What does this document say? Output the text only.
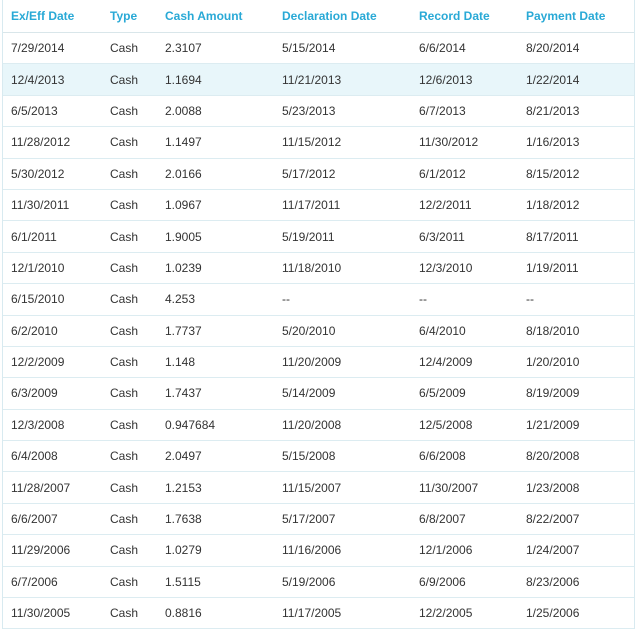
Ex/Eff Date	Type	Cash Amount	Declaration Date	Record Date	Payment Date
7/29/2014	Cash	2.3107	5/15/2014	6/6/2014	8/20/2014
12/4/2013	Cash	1.1694	11/21/2013	12/6/2013	1/22/2014
6/5/2013	Cash	2.0088	5/23/2013	6/7/2013	8/21/2013
11/28/2012	Cash	1.1497	11/15/2012	11/30/2012	1/16/2013
5/30/2012	Cash	2.0166	5/17/2012	6/1/2012	8/15/2012
11/30/2011	Cash	1.0967	11/17/2011	12/2/2011	1/18/2012
6/1/2011	Cash	1.9005	5/19/2011	6/3/2011	8/17/2011
12/1/2010	Cash	1.0239	11/18/2010	12/3/2010	1/19/2011
6/15/2010	Cash	4.253	--	--	--
6/2/2010	Cash	1.7737	5/20/2010	6/4/2010	8/18/2010
12/2/2009	Cash	1.148	11/20/2009	12/4/2009	1/20/2010
6/3/2009	Cash	1.7437	5/14/2009	6/5/2009	8/19/2009
12/3/2008	Cash	0.947684	11/20/2008	12/5/2008	1/21/2009
6/4/2008	Cash	2.0497	5/15/2008	6/6/2008	8/20/2008
11/28/2007	Cash	1.2153	11/15/2007	11/30/2007	1/23/2008
6/6/2007	Cash	1.7638	5/17/2007	6/8/2007	8/22/2007
11/29/2006	Cash	1.0279	11/16/2006	12/1/2006	1/24/2007
6/7/2006	Cash	1.5115	5/19/2006	6/9/2006	8/23/2006
11/30/2005	Cash	0.8816	11/17/2005	12/2/2005	1/25/2006
